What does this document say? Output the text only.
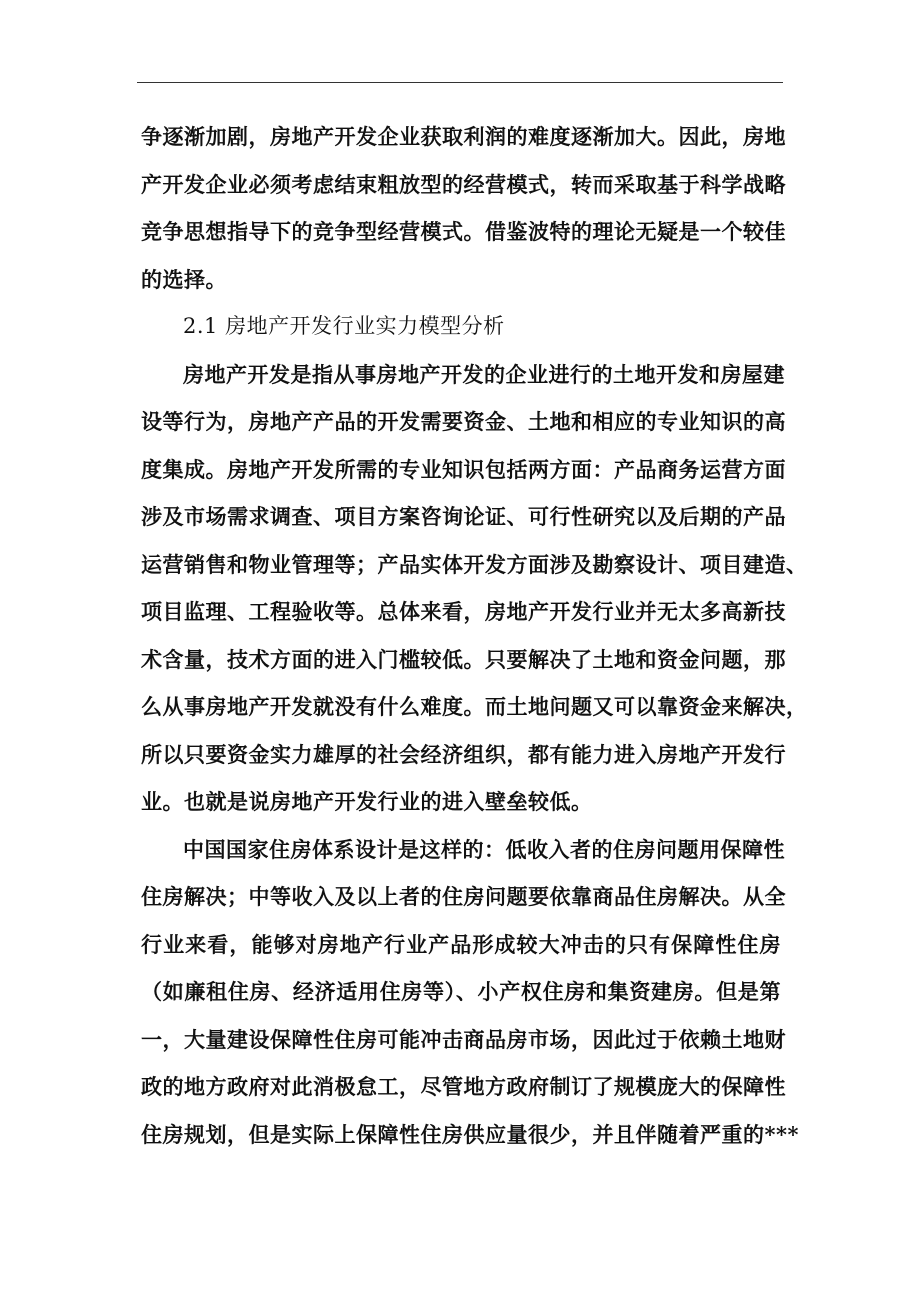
争逐渐加剧，房地产开发企业获取利润的难度逐渐加大。因此，房地
产开发企业必须考虑结束粗放型的经营模式，转而采取基于科学战略
竞争思想指导下的竞争型经营模式。借鉴波特的理论无疑是一个较佳
的选择。
2.1 房地产开发行业实力模型分析
房地产开发是指从事房地产开发的企业进行的土地开发和房屋建
设等行为，房地产产品的开发需要资金、土地和相应的专业知识的高
度集成。房地产开发所需的专业知识包括两方面：产品商务运营方面
涉及市场需求调查、项目方案咨询论证、可行性研究以及后期的产品
运营销售和物业管理等；产品实体开发方面涉及勘察设计、项目建造、
项目监理、工程验收等。总体来看，房地产开发行业并无太多高新技
术含量，技术方面的进入门槛较低。只要解决了土地和资金问题，那
么从事房地产开发就没有什么难度。而土地问题又可以靠资金来解决，
所以只要资金实力雄厚的社会经济组织，都有能力进入房地产开发行
业。也就是说房地产开发行业的进入壁垒较低。
中国国家住房体系设计是这样的：低收入者的住房问题用保障性
住房解决；中等收入及以上者的住房问题要依靠商品住房解决。从全
行业来看，能够对房地产行业产品形成较大冲击的只有保障性住房
（如廉租住房、经济适用住房等）、小产权住房和集资建房。但是第
一，大量建设保障性住房可能冲击商品房市场，因此过于依赖土地财
政的地方政府对此消极怠工，尽管地方政府制订了规模庞大的保障性
住房规划，但是实际上保障性住房供应量很少，并且伴随着严重的***
